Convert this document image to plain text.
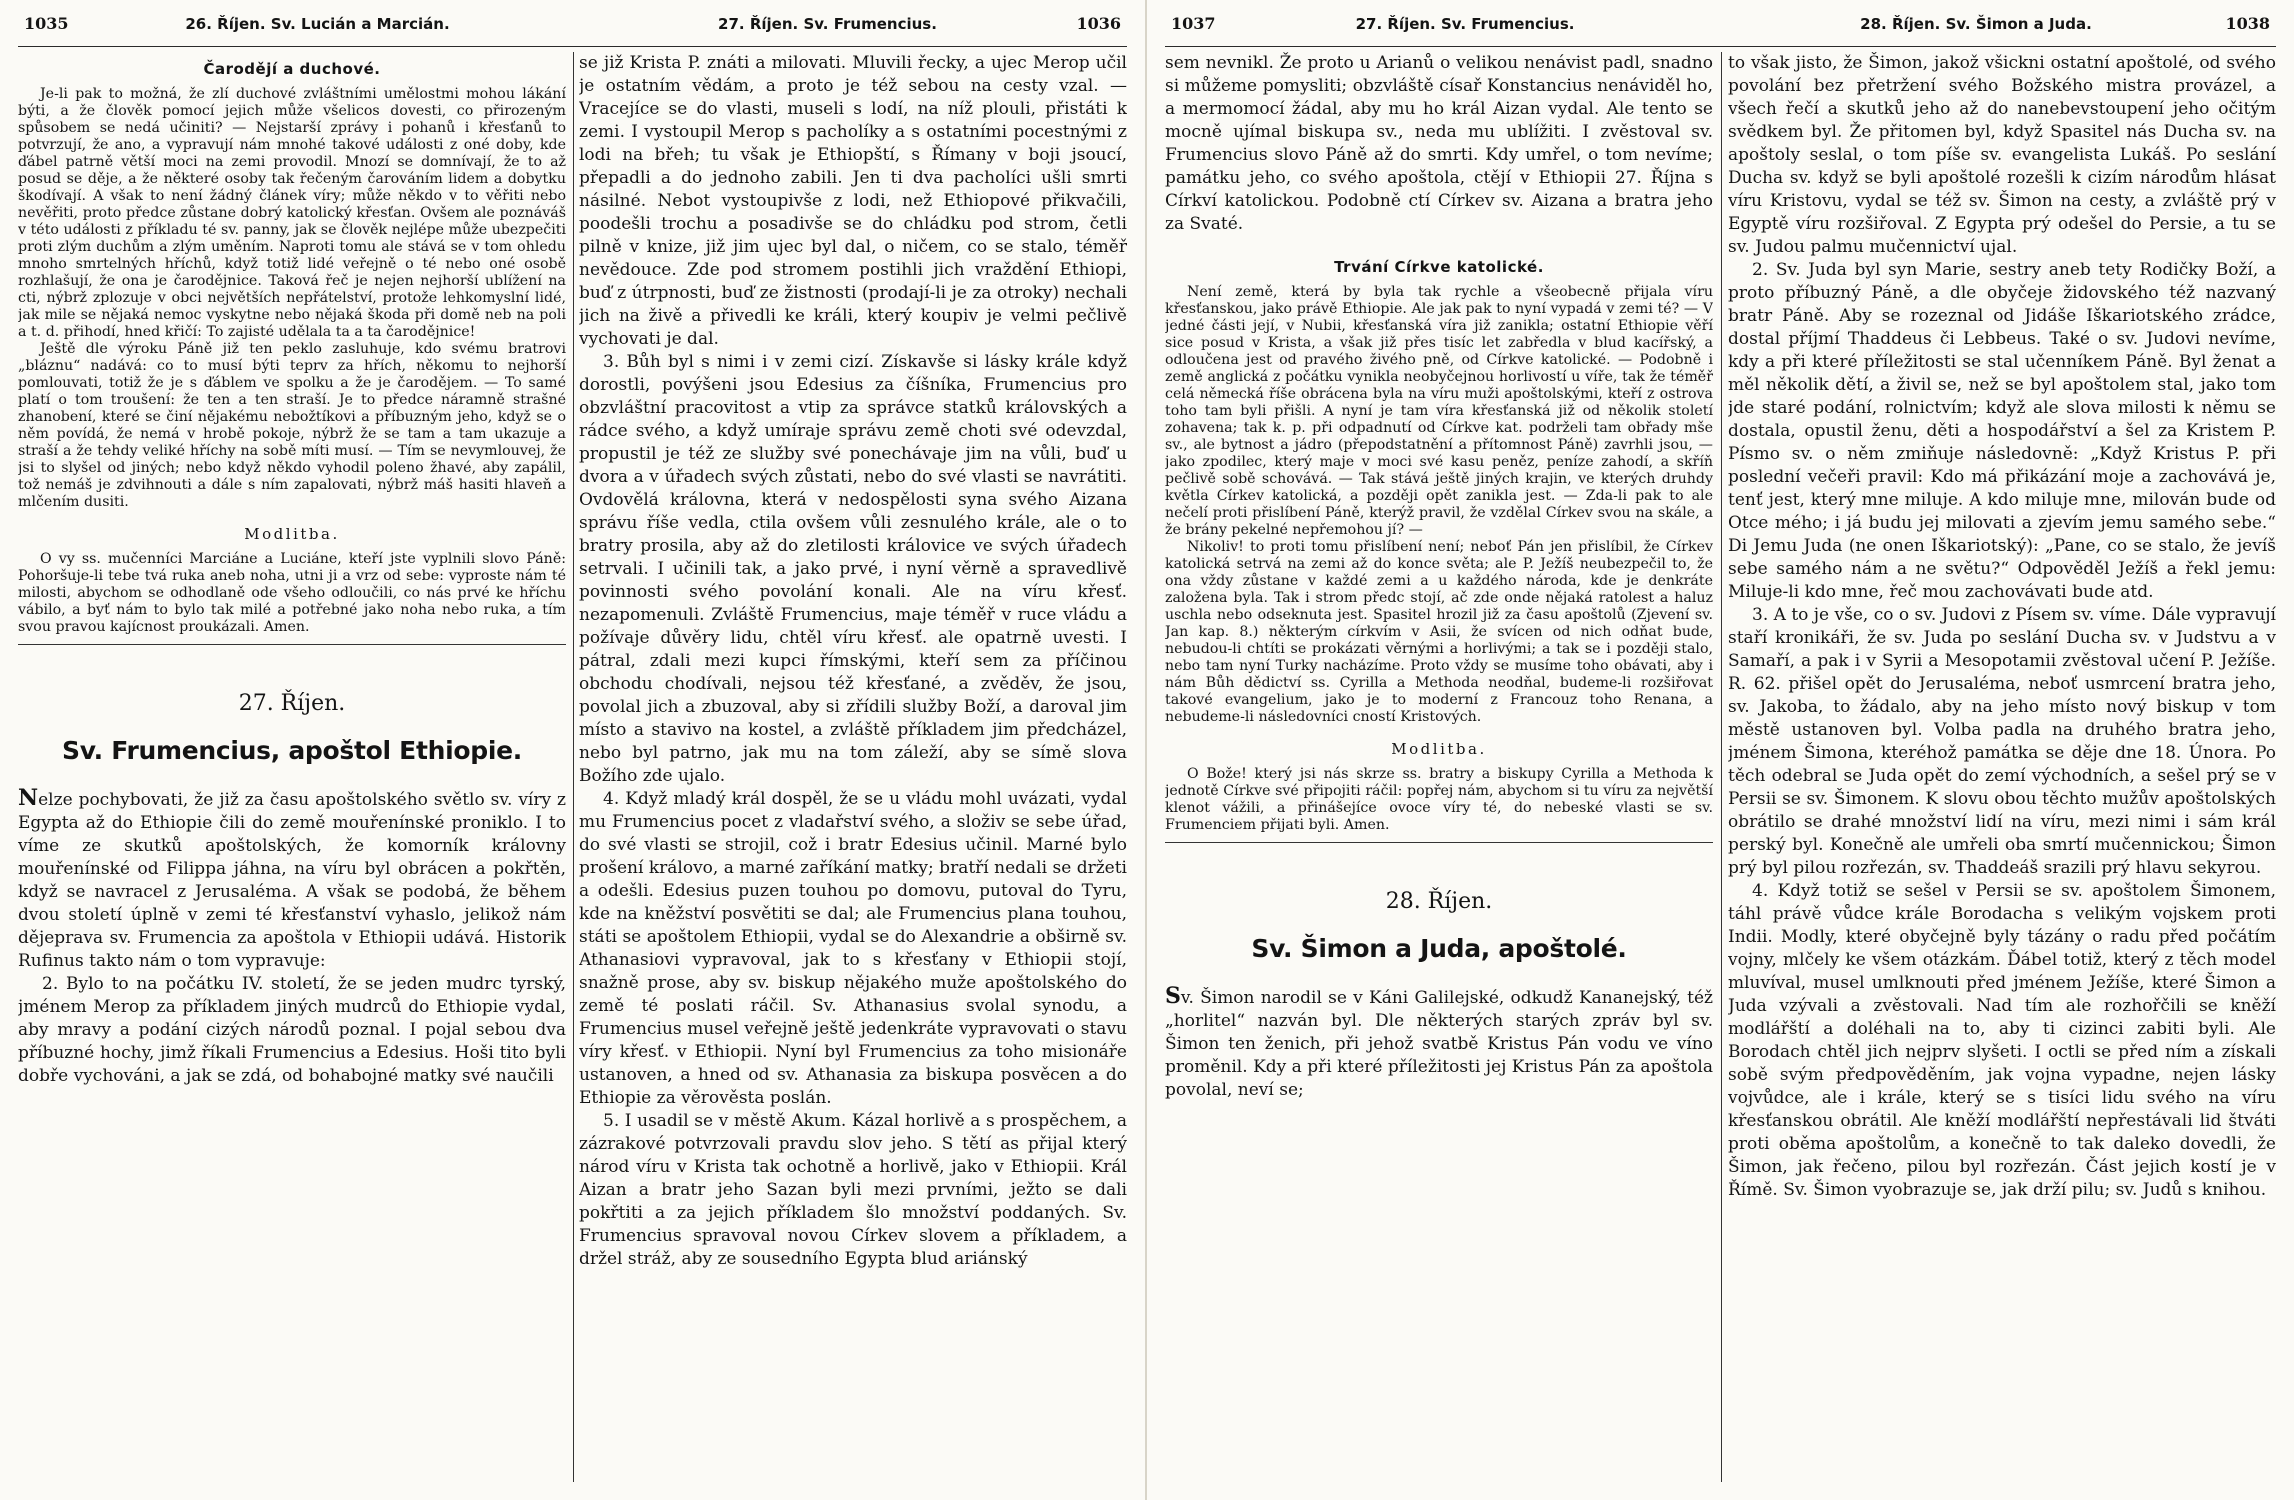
1035	26. Říjen. Sv. Lucián a Marcián.	27. Říjen. Sv. Frumencius.	1036
Čarodějí a duchové.

Je-li pak to možná, že zlí duchové zvláštními umělostmi mohou lákání býti, a že člověk pomocí jejich může všelicos dovesti, co přirozeným spůsobem se nedá učiniti? — Nejstarší zprávy i pohanů i křesťanů to potvrzují, že ano, a vypravují nám mnohé takové události z oné doby, kde ďábel patrně větší moci na zemi provodil. Mnozí se domnívají, že to až posud se děje, a že některé osoby tak řečeným čarováním lidem a dobytku škodívají. A však to není žádný článek víry; může někdo v to věřiti nebo nevěřiti, proto předce zůstane dobrý katolický křesťan. Ovšem ale poznáváš v této události z příkladu té sv. panny, jak se člověk nejlépe může ubezpečiti proti zlým duchům a zlým uměním. Naproti tomu ale stává se v tom ohledu mnoho smrtelných hříchů, když totiž lidé veřejně o té nebo oné osobě rozhlašují, že ona je čarodějnice. Taková řeč je nejen nejhorší ublížení na cti, nýbrž zplozuje v obci největších nepřátelství, protože lehkomyslní lidé, jak mile se nějaká nemoc vyskytne nebo nějaká škoda při domě neb na poli a t. d. přihodí, hned křičí: To zajisté udělala ta a ta čarodějnice!

Ještě dle výroku Páně již ten peklo zasluhuje, kdo svému bratrovi „bláznu“ nadává: co to musí býti teprv za hřích, někomu to nejhorší pomlouvati, totiž že je s ďáblem ve spolku a že je čarodějem. — To samé platí o tom troušení: že ten a ten straší. Je to předce náramně strašné zhanobení, které se činí nějakému nebožtíkovi a příbuzným jeho, když se o něm povídá, že nemá v hrobě pokoje, nýbrž že se tam a tam ukazuje a straší a že tehdy veliké hříchy na sobě míti musí. — Tím se nevymlouvej, že jsi to slyšel od jiných; nebo když někdo vyhodil poleno žhavé, aby zapálil, tož nemáš je zdvihnouti a dále s ním zapalovati, nýbrž máš hasiti hlaveň a mlčením dusiti.

Modlitba.

O vy ss. mučenníci Marciáne a Luciáne, kteří jste vyplnili slovo Páně: Pohoršuje-li tebe tvá ruka aneb noha, utni ji a vrz od sebe: vyproste nám té milosti, abychom se odhodlaně ode všeho odloučili, co nás prvé ke hříchu vábilo, a byť nám to bylo tak milé a potřebné jako noha nebo ruka, a tím svou pravou kajícnost proukázali. Amen.

27. Říjen.
Sv. Frumencius, apoštol Ethiopie.

Nelze pochybovati, že již za času apoštolského světlo sv. víry z Egypta až do Ethiopie čili do země mouřenínské proniklo. I to víme ze skutků apoštolských, že komorník královny mouřenínské od Filippa jáhna, na víru byl obrácen a pokřtěn, když se navracel z Jerusaléma. A však se podobá, že během dvou století úplně v zemi té křesťanství vyhaslo, jelikož nám dějeprava sv. Frumencia za apoštola v Ethiopii udává. Historik Rufinus takto nám o tom vypravuje:

2. Bylo to na počátku IV. století, že se jeden mudrc tyrský, jménem Merop za příkladem jiných mudrců do Ethiopie vydal, aby mravy a podání cizých národů poznal. I pojal sebou dva příbuzné hochy, jimž říkali Frumencius a Edesius. Hoši tito byli dobře vychováni, a jak se zdá, od bohabojné matky své naučili

se již Krista P. znáti a milovati. Mluvili řecky, a ujec Merop učil je ostatním vědám, a proto je též sebou na cesty vzal. — Vracejíce se do vlasti, museli s lodí, na níž plouli, přistáti k zemi. I vystoupil Merop s pacholíky a s ostatními pocestnými z lodi na břeh; tu však je Ethiopští, s Římany v boji jsoucí, přepadli a do jednoho zabili. Jen ti dva pacholíci ušli smrti násilné. Nebot vystoupivše z lodi, než Ethiopové přikvačili, poodešli trochu a posadivše se do chládku pod strom, četli pilně v knize, již jim ujec byl dal, o ničem, co se stalo, téměř nevědouce. Zde pod stromem postihli jich vraždění Ethiopi, buď z útrpnosti, buď ze žistnosti (prodají-li je za otroky) nechali jich na živě a přivedli ke králi, který koupiv je velmi pečlivě vychovati je dal.

3. Bůh byl s nimi i v zemi cizí. Získavše si lásky krále když dorostli, povýšeni jsou Edesius za číšníka, Frumencius pro obzvláštní pracovitost a vtip za správce statků královských a rádce svého, a když umíraje správu země choti své odevzdal, propustil je též ze služby své ponechávaje jim na vůli, buď u dvora a v úřadech svých zůstati, nebo do své vlasti se navrátiti. Ovdovělá královna, která v nedospělosti syna svého Aizana správu říše vedla, ctila ovšem vůli zesnulého krále, ale o to bratry prosila, aby až do zletilosti královice ve svých úřadech setrvali. I učinili tak, a jako prvé, i nyní věrně a spravedlivě povinnosti svého povolání konali. Ale na víru křesť. nezapomenuli. Zvláště Frumencius, maje téměř v ruce vládu a požívaje důvěry lidu, chtěl víru křesť. ale opatrně uvesti. I pátral, zdali mezi kupci římskými, kteří sem za příčinou obchodu chodívali, nejsou též křesťané, a zvěděv, že jsou, povolal jich a zbuzoval, aby si zřídili služby Boží, a daroval jim místo a stavivo na kostel, a zvláště příkladem jim předcházel, nebo byl patrno, jak mu na tom záleží, aby se símě slova Božího zde ujalo.

4. Když mladý král dospěl, že se u vládu mohl uvázati, vydal mu Frumencius pocet z vladařství svého, a složiv se sebe úřad, do své vlasti se strojil, což i bratr Edesius učinil. Marné bylo prošení královo, a marné zaříkání matky; bratří nedali se držeti a odešli. Edesius puzen touhou po domovu, putoval do Tyru, kde na kněžství posvětiti se dal; ale Frumencius plana touhou, státi se apoštolem Ethiopii, vydal se do Alexandrie a obširně sv. Athanasiovi vypravoval, jak to s křesťany v Ethiopii stojí, snažně prose, aby sv. biskup nějakého muže apoštolského do země té poslati ráčil. Sv. Athanasius svolal synodu, a Frumencius musel veřejně ještě jedenkráte vypravovati o stavu víry křesť. v Ethiopii. Nyní byl Frumencius za toho misionáře ustanoven, a hned od sv. Athanasia za biskupa posvěcen a do Ethiopie za věrověsta poslán.

5. I usadil se v městě Akum. Kázal horlivě a s prospěchem, a zázrakové potvrzovali pravdu slov jeho. S tětí as přijal který národ víru v Krista tak ochotně a horlivě, jako v Ethiopii. Král Aizan a bratr jeho Sazan byli mezi prvními, ježto se dali pokřtiti a za jejich příkladem šlo množství poddaných. Sv. Frumencius spravoval novou Církev slovem a příkladem, a držel stráž, aby ze sousedního Egypta blud ariánský

1037	27. Říjen. Sv. Frumencius.	28. Říjen. Sv. Šimon a Juda.	1038

sem nevnikl. Že proto u Arianů o velikou nenávist padl, snadno si můžeme pomysliti; obzvláště císař Konstancius nenáviděl ho, a mermomocí žádal, aby mu ho král Aizan vydal. Ale tento se mocně ujímal biskupa sv., neda mu ublížiti. I zvěstoval sv. Frumencius slovo Páně až do smrti. Kdy umřel, o tom nevíme; památku jeho, co svého apoštola, ctějí v Ethiopii 27. Října s Církví katolickou. Podobně ctí Církev sv. Aizana a bratra jeho za Svaté.

Trvání Církve katolické.

Není země, která by byla tak rychle a všeobecně přijala víru křesťanskou, jako právě Ethiopie. Ale jak pak to nyní vypadá v zemi té? — V jedné části její, v Nubii, křesťanská víra již zanikla; ostatní Ethiopie věří sice posud v Krista, a však již přes tisíc let zabředla v blud kacířský, a odloučena jest od pravého živého pně, od Církve katolické. — Podobně i země anglická z počátku vynikla neobyčejnou horlivostí u víře, tak že téměř celá německá říše obrácena byla na víru muži apoštolskými, kteří z ostrova toho tam byli přišli. A nyní je tam víra křesťanská již od několik století zohavena; tak k. p. při odpadnutí od Církve kat. podrželi tam obřady mše sv., ale bytnost a jádro (přepodstatnění a přítomnost Páně) zavrhli jsou, — jako zpodilec, který maje v moci své kasu peněz, peníze zahodí, a skříň pečlivě sobě schovává. — Tak stává ještě jiných krajin, ve kterých druhdy květla Církev katolická, a později opět zanikla jest. — Zda-li pak to ale nečelí proti přislíbení Páně, kterýž pravil, že vzdělal Církev svou na skále, a že brány pekelné nepřemohou jí? —

Nikoliv! to proti tomu přislíbení není; neboť Pán jen přislíbil, že Církev katolická setrvá na zemi až do konce světa; ale P. Ježíš neubezpečil to, že ona vždy zůstane v každé zemi a u každého národa, kde je denkráte založena byla. Tak i strom předc stojí, ač zde onde nějaká ratolest a haluz uschla nebo odseknuta jest. Spasitel hrozil již za času apoštolů (Zjevení sv. Jan kap. 8.) některým církvím v Asii, že svícen od nich odňat bude, nebudou-li chtíti se prokázati věrnými a horlivými; a tak se i později stalo, nebo tam nyní Turky nacházíme. Proto vždy se musíme toho obávati, aby i nám Bůh dědictví ss. Cyrilla a Methoda neodňal, budeme-li rozšiřovat takové evangelium, jako je to moderní z Francouz toho Renana, a nebudeme-li následovníci cností Kristových.

Modlitba.

O Bože! který jsi nás skrze ss. bratry a biskupy Cyrilla a Methoda k jednotě Církve své připojiti ráčil: popřej nám, abychom si tu víru za největší klenot vážili, a přinášejíce ovoce víry té, do nebeské vlasti se sv. Frumenciem přijati byli. Amen.

28. Říjen.
Sv. Šimon a Juda, apoštolé.

Sv. Šimon narodil se v Káni Galilejské, odkudž Kananejský, též „horlitel“ nazván byl. Dle některých starých zpráv byl sv. Šimon ten ženich, při jehož svatbě Kristus Pán vodu ve víno proměnil. Kdy a při které příležitosti jej Kristus Pán za apoštola povolal, neví se;

to však jisto, že Šimon, jakož všickni ostatní apoštolé, od svého povolání bez přetržení svého Božského mistra provázel, a všech řečí a skutků jeho až do nanebevstoupení jeho očitým svědkem byl. Že přitomen byl, když Spasitel nás Ducha sv. na apoštoly seslal, o tom píše sv. evangelista Lukáš. Po seslání Ducha sv. když se byli apoštolé rozešli k cizím národům hlásat víru Kristovu, vydal se též sv. Šimon na cesty, a zvláště prý v Egyptě víru rozšiřoval. Z Egypta prý odešel do Persie, a tu se sv. Judou palmu mučennictví ujal.

2. Sv. Juda byl syn Marie, sestry aneb tety Rodičky Boží, a proto příbuzný Páně, a dle obyčeje židovského též nazvaný bratr Páně. Aby se rozeznal od Jidáše Iškariotského zrádce, dostal příjmí Thaddeus či Lebbeus. Také o sv. Judovi nevíme, kdy a při které příležitosti se stal učenníkem Páně. Byl ženat a měl několik dětí, a živil se, než se byl apoštolem stal, jako tom jde staré podání, rolnictvím; když ale slova milosti k němu se dostala, opustil ženu, děti a hospodářství a šel za Kristem P. Písmo sv. o něm zmiňuje následovně: „Když Kristus P. při poslední večeři pravil: Kdo má přikázání moje a zachovává je, tenť jest, který mne miluje. A kdo miluje mne, milován bude od Otce mého; i já budu jej milovati a zjevím jemu samého sebe.“ Di Jemu Juda (ne onen Iškariotský): „Pane, co se stalo, že jevíš sebe samého nám a ne světu?“ Odpověděl Ježíš a řekl jemu: Miluje-li kdo mne, řeč mou zachovávati bude atd.

3. A to je vše, co o sv. Judovi z Písem sv. víme. Dále vypravují staří kronikáři, že sv. Juda po seslání Ducha sv. v Judstvu a v Samaří, a pak i v Syrii a Mesopotamii zvěstoval učení P. Ježíše. R. 62. přišel opět do Jerusaléma, neboť usmrcení bratra jeho, sv. Jakoba, to žádalo, aby na jeho místo nový biskup v tom městě ustanoven byl. Volba padla na druhého bratra jeho, jménem Šimona, kteréhož památka se děje dne 18. Února. Po těch odebral se Juda opět do zemí východních, a sešel prý se v Persii se sv. Šimonem. K slovu obou těchto mužův apoštolských obrátilo se drahé množství lidí na víru, mezi nimi i sám král perský byl. Konečně ale umřeli oba smrtí mučennickou; Šimon prý byl pilou rozřezán, sv. Thaddeáš srazili prý hlavu sekyrou.

4. Když totiž se sešel v Persii se sv. apoštolem Šimonem, táhl právě vůdce krále Borodacha s velikým vojskem proti Indii. Modly, které obyčejně byly tázány o radu před počátím vojny, mlčely ke všem otázkám. Ďábel totiž, který z těch model mluvíval, musel umlknouti před jménem Ježíše, které Šimon a Juda vzývali a zvěstovali. Nad tím ale rozhořčili se kněží modlářští a doléhali na to, aby ti cizinci zabiti byli. Ale Borodach chtěl jich nejprv slyšeti. I octli se před ním a získali sobě svým předpověděním, jak vojna vypadne, nejen lásky vojvůdce, ale i krále, který se s tisíci lidu svého na víru křesťanskou obrátil. Ale kněží modlářští nepřestávali lid štváti proti oběma apoštolům, a konečně to tak daleko dovedli, že Šimon, jak řečeno, pilou byl rozřezán. Část jejich kostí je v Římě. Sv. Šimon vyobrazuje se, jak drží pilu; sv. Judů s knihou.
